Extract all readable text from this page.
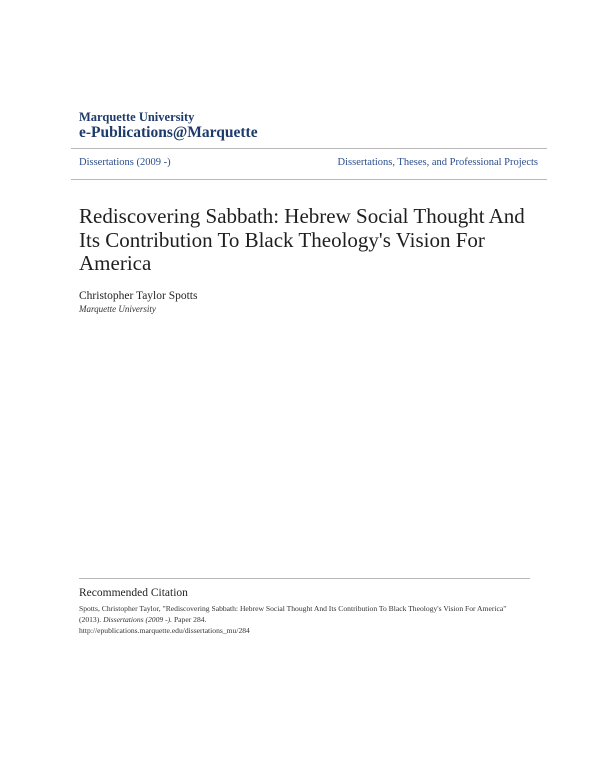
Marquette University
e-Publications@Marquette
Dissertations (2009 -)	Dissertations, Theses, and Professional Projects
Rediscovering Sabbath: Hebrew Social Thought And Its Contribution To Black Theology's Vision For America
Christopher Taylor Spotts
Marquette University
Recommended Citation
Spotts, Christopher Taylor, "Rediscovering Sabbath: Hebrew Social Thought And Its Contribution To Black Theology's Vision For America" (2013). Dissertations (2009 -). Paper 284.
http://epublications.marquette.edu/dissertations_mu/284
